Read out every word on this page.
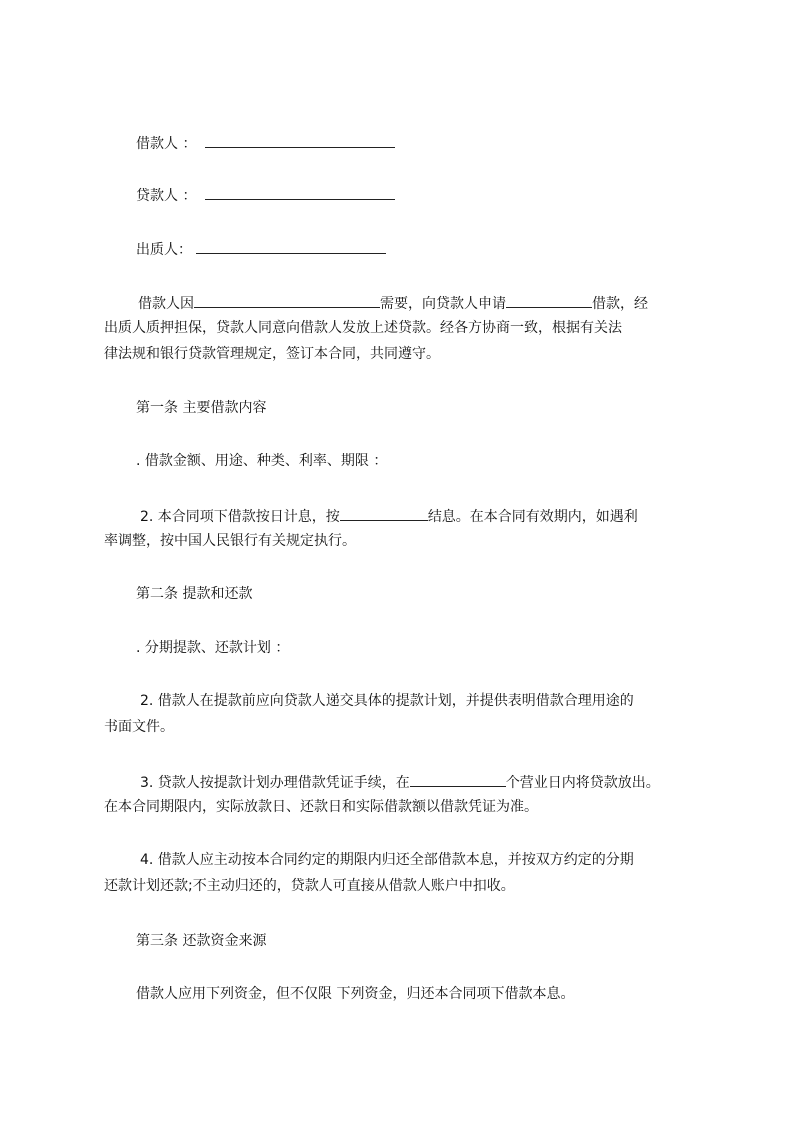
借款人 ：
贷款人 ：
出质人：
借款人因	需要，向贷款人申请	借款，经
出质人质押担保，贷款人同意向借款人发放上述贷款。经各方协商一致，根据有关法
律法规和银行贷款管理规定，签订本合同，共同遵守。
第一条 主要借款内容
. 借款金额、用途、种类、利率、期限 ：
2. 本合同项下借款按日计息，按	结息。在本合同有效期内，如遇利
率调整，按中国人民银行有关规定执行。
第二条 提款和还款
. 分期提款、还款计划 ：
2. 借款人在提款前应向贷款人递交具体的提款计划，并提供表明借款合理用途的
书面文件。
3. 贷款人按提款计划办理借款凭证手续，在	个营业日内将贷款放出。
在本合同期限内，实际放款日、还款日和实际借款额以借款凭证为准。
4. 借款人应主动按本合同约定的期限内归还全部借款本息，并按双方约定的分期
还款计划还款;不主动归还的，贷款人可直接从借款人账户中扣收。
第三条 还款资金来源
借款人应用下列资金，但不仅限 下列资金，归还本合同项下借款本息。
